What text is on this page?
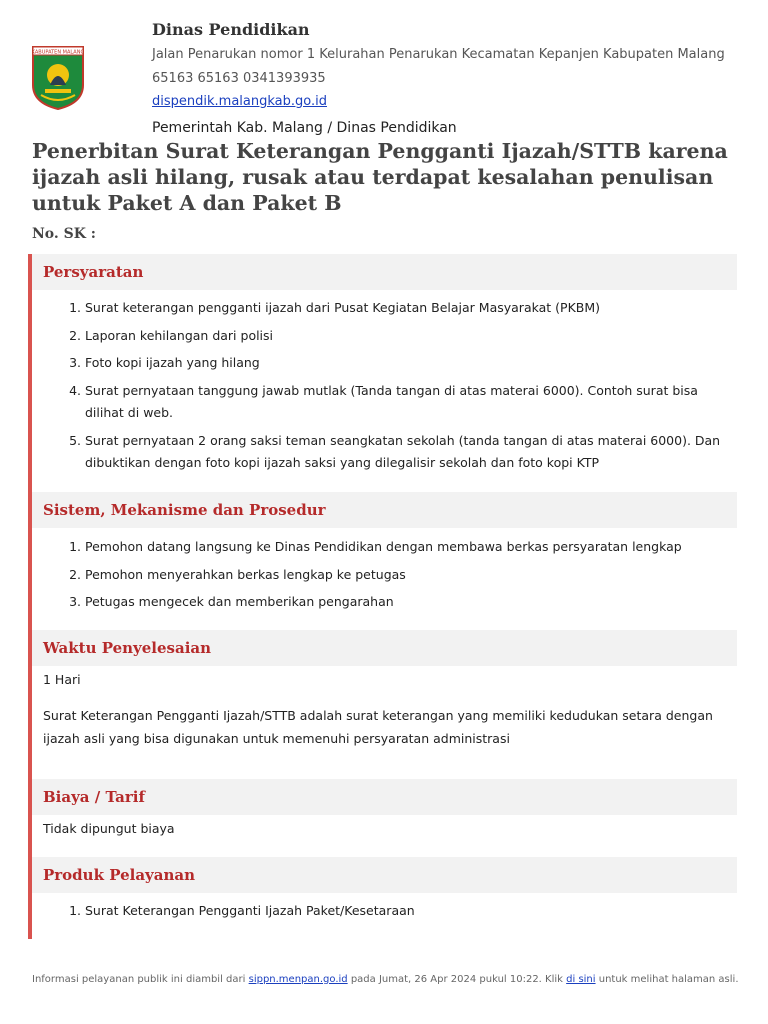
KABUPATEN MALANG
Dinas Pendidikan
Jalan Penarukan nomor 1 Kelurahan Penarukan Kecamatan Kepanjen Kabupaten Malang
65163 65163 0341393935
dispendik.malangkab.go.id
Pemerintah Kab. Malang / Dinas Pendidikan
Penerbitan Surat Keterangan Pengganti Ijazah/STTB karena ijazah asli hilang, rusak atau terdapat kesalahan penulisan untuk Paket A dan Paket B
No. SK :
Persyaratan
1. Surat keterangan pengganti ijazah dari Pusat Kegiatan Belajar Masyarakat (PKBM)
2. Laporan kehilangan dari polisi
3. Foto kopi ijazah yang hilang
4. Surat pernyataan tanggung jawab mutlak (Tanda tangan di atas materai 6000). Contoh surat bisa dilihat di web.
5. Surat pernyataan 2 orang saksi teman seangkatan sekolah (tanda tangan di atas materai 6000). Dan dibuktikan dengan foto kopi ijazah saksi yang dilegalisir sekolah dan foto kopi KTP
Sistem, Mekanisme dan Prosedur
1. Pemohon datang langsung ke Dinas Pendidikan dengan membawa berkas persyaratan lengkap
2. Pemohon menyerahkan berkas lengkap ke petugas
3. Petugas mengecek dan memberikan pengarahan
Waktu Penyelesaian

1 Hari

Surat Keterangan Pengganti Ijazah/STTB adalah surat keterangan yang memiliki kedudukan setara dengan ijazah asli yang bisa digunakan untuk memenuhi persyaratan administrasi

Biaya / Tarif

Tidak dipungut biaya

Produk Pelayanan
1. Surat Keterangan Pengganti Ijazah Paket/Kesetaraan
Informasi pelayanan publik ini diambil dari sippn.menpan.go.id pada Jumat, 26 Apr 2024 pukul 10:22. Klik di sini untuk melihat halaman asli.
